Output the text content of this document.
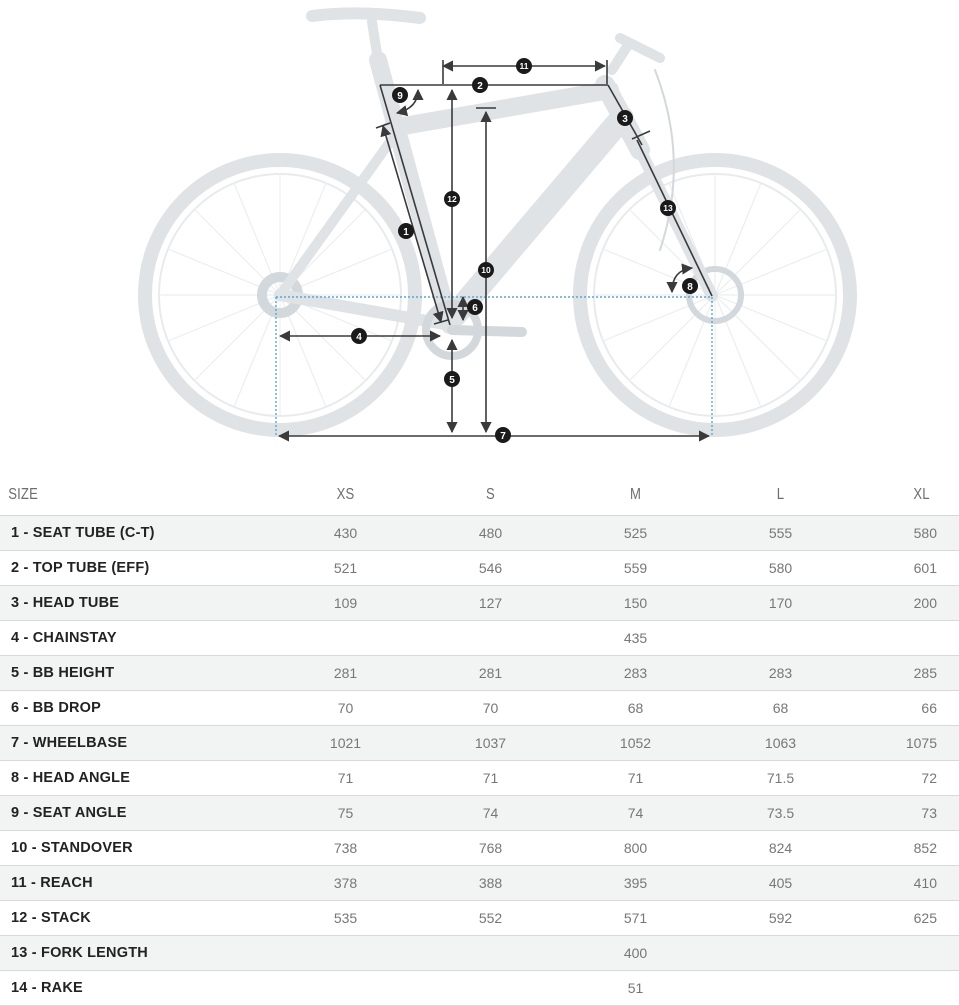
1
2
3
4
5
6
7
8
9
10
11
12
13
SIZE	XS	S	M	L	XL
1 - SEAT TUBE (C-T)	430	480	525	555	580
2 - TOP TUBE (EFF)	521	546	559	580	601
3 - HEAD TUBE	109	127	150	170	200
4 - CHAINSTAY			435		
5 - BB HEIGHT	281	281	283	283	285
6 - BB DROP	70	70	68	68	66
7 - WHEELBASE	1021	1037	1052	1063	1075
8 - HEAD ANGLE	71	71	71	71.5	72
9 - SEAT ANGLE	75	74	74	73.5	73
10 - STANDOVER	738	768	800	824	852
11 - REACH	378	388	395	405	410
12 - STACK	535	552	571	592	625
13 - FORK LENGTH			400		
14 - RAKE			51		
